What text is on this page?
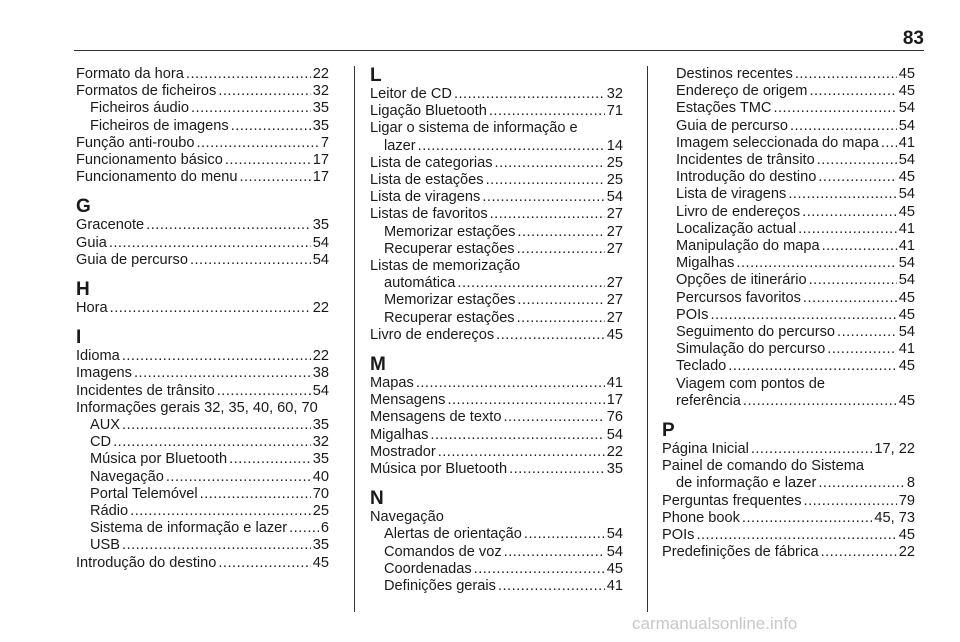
83
Formato da hora .....	22
Formatos de ficheiros .....	32
Ficheiros áudio .....	35
Ficheiros de imagens .....	35
Função anti-roubo .....	7
Funcionamento básico .....	17
Funcionamento do menu .....	17
G
Gracenote .....	35
Guia .....	54
Guia de percurso .....	54
H
Hora .....	22
I
Idioma .....	22
Imagens .....	38
Incidentes de trânsito .....	54
Informações gerais 32, 35, 40, 60, 70
AUX .....	35
CD .....	32
Música por Bluetooth .....	35
Navegação .....	40
Portal Telemóvel .....	70
Rádio .....	25
Sistema de informação e lazer ..... 6
USB .....	35
Introdução do destino .....	45
L
Leitor de CD .....	32
Ligação Bluetooth .....	71
Ligar o sistema de informação e
lazer .....	14
Lista de categorias .....	25
Lista de estações .....	25
Lista de viragens .....	54
Listas de favoritos .....	27
Memorizar estações .....	27
Recuperar estações .....	27
Listas de memorização
automática .....	27
Memorizar estações .....	27
Recuperar estações .....	27
Livro de endereços .....	45
M
Mapas .....	41
Mensagens .....	17
Mensagens de texto .....	76
Migalhas .....	54
Mostrador .....	22
Música por Bluetooth .....	35
N
Navegação
Alertas de orientação .....	54
Comandos de voz .....	54
Coordenadas .....	45
Definições gerais .....	41
Destinos recentes .....	45
Endereço de origem .....	45
Estações TMC .....	54
Guia de percurso .....	54
Imagem seleccionada do mapa ..... 41
Incidentes de trânsito .....	54
Introdução do destino .....	45
Lista de viragens .....	54
Livro de endereços .....	45
Localização actual .....	41
Manipulação do mapa .....	41
Migalhas .....	54
Opções de itinerário .....	54
Percursos favoritos .....	45
POIs .....	45
Seguimento do percurso .....	54
Simulação do percurso .....	41
Teclado .....	45
Viagem com pontos de
referência .....	45
P
Página Inicial .....	17, 22
Painel de comando do Sistema
de informação e lazer .....	8
Perguntas frequentes .....	79
Phone book .....	45, 73
POIs .....	45
Predefinições de fábrica .....	22
carmanualsonline.info
